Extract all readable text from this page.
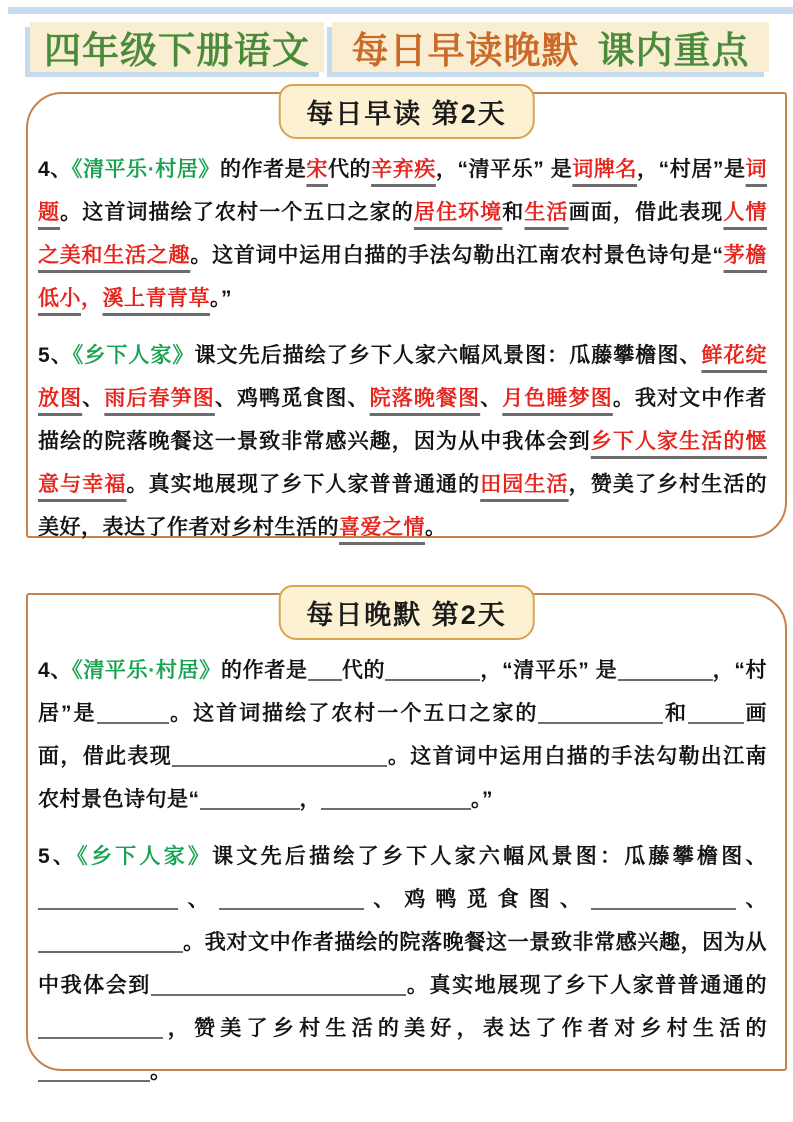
四年级下册语文 每日早读晚默 课内重点
每日早读 第2天

4、《清平乐·村居》的作者是宋代的辛弃疾，“清平乐” 是词牌名，“村居”是词题。这首词描绘了农村一个五口之家的居住环境和生活画面，借此表现人情之美和生活之趣。这首词中运用白描的手法勾勒出江南农村景色诗句是“茅檐低小，溪上青青草。”

5、《乡下人家》课文先后描绘了乡下人家六幅风景图：瓜藤攀檐图、鲜花绽放图、雨后春笋图、鸡鸭觅食图、院落晚餐图、月色睡梦图。我对文中作者描绘的院落晚餐这一景致非常感兴趣，因为从中我体会到乡下人家生活的惬意与幸福。真实地展现了乡下人家普普通通的田园生活，赞美了乡村生活的美好，表达了作者对乡村生活的喜爱之情。

每日晚默 第2天

4、《清平乐·村居》的作者是 代的	，“清平乐” 是	，“村居”是	。这首词描绘了农村一个五口之家的	和	画面，借此表现	。这首词中运用白描的手法勾勒出江南农村景色诗句是“	，	。”

5、《乡下人家》课文先后描绘了乡下人家六幅风景图：瓜藤攀檐图、、	、鸡鸭觅食图、	、。我对文中作者描绘的院落晚餐这一景致非常感兴趣，因为从中我体会到	。真实地展现了乡下人家普普通通的，赞美了乡村生活的美好，表达了作者对乡村生活的。
